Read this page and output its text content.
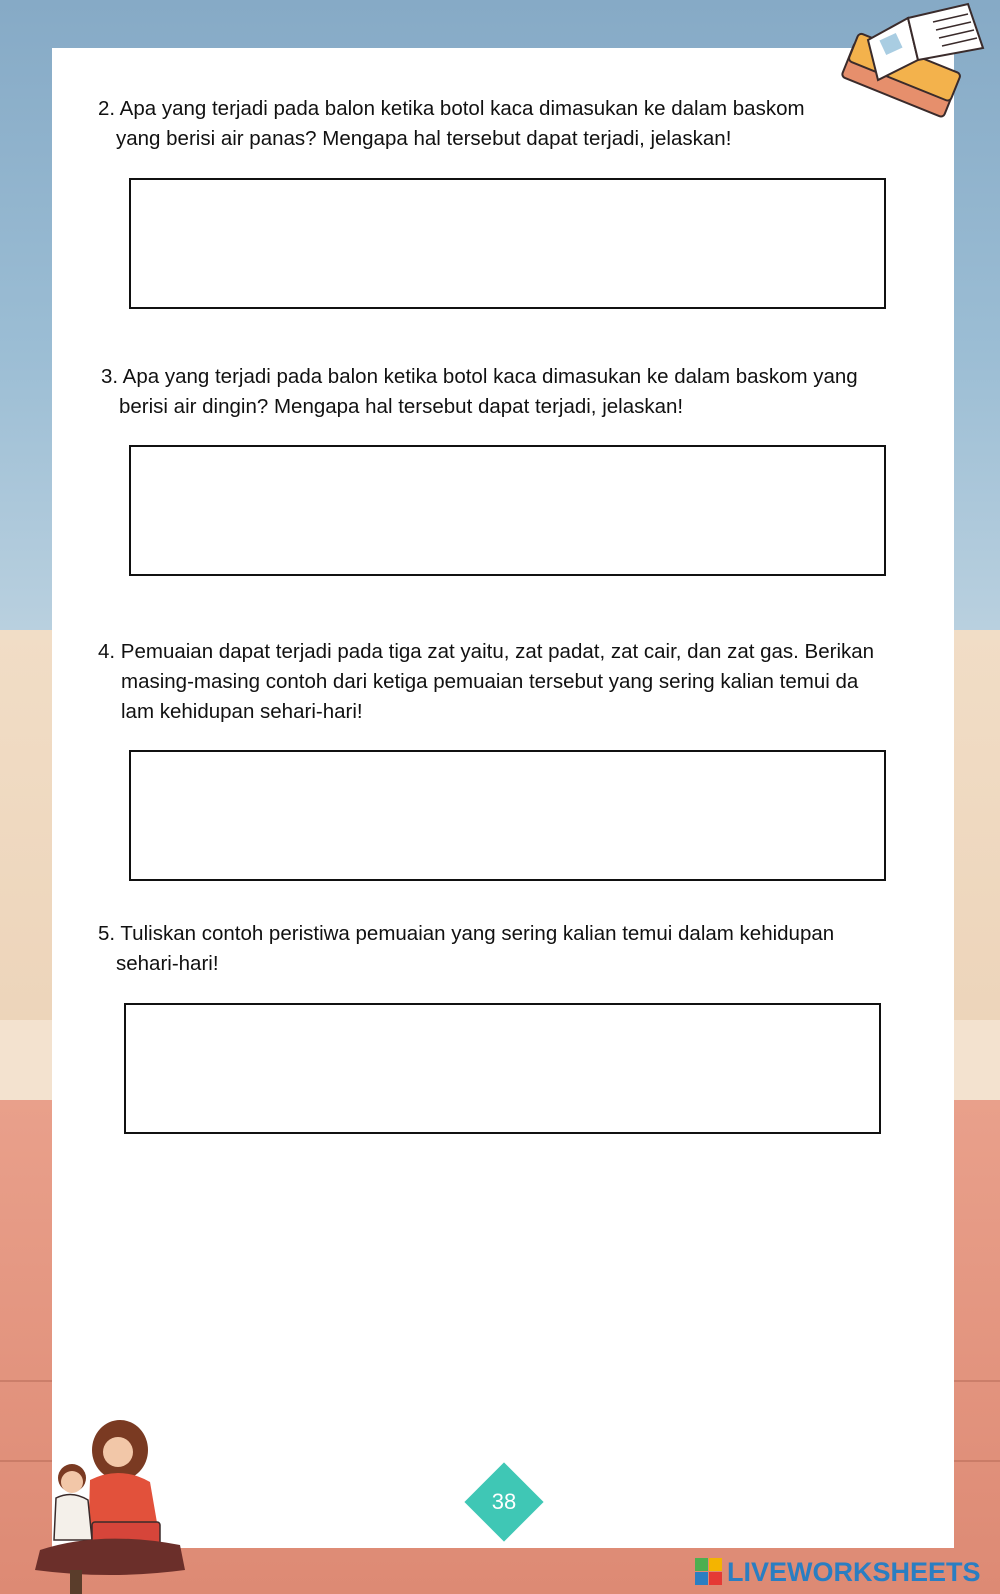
2. Apa yang terjadi pada balon ketika botol kaca dimasukan ke dalam baskom
yang berisi air panas? Mengapa hal tersebut dapat terjadi, jelaskan!
3. Apa yang terjadi pada balon ketika botol kaca dimasukan ke dalam baskom yang
berisi air dingin? Mengapa hal tersebut dapat terjadi, jelaskan!
4. Pemuaian dapat terjadi pada tiga zat yaitu, zat padat, zat cair, dan zat gas. Berikan
masing-masing contoh dari ketiga pemuaian tersebut yang sering kalian temui da
lam kehidupan sehari-hari!
5. Tuliskan contoh peristiwa pemuaian yang sering kalian temui dalam kehidupan
sehari-hari!
38
LIVEWORKSHEETS
